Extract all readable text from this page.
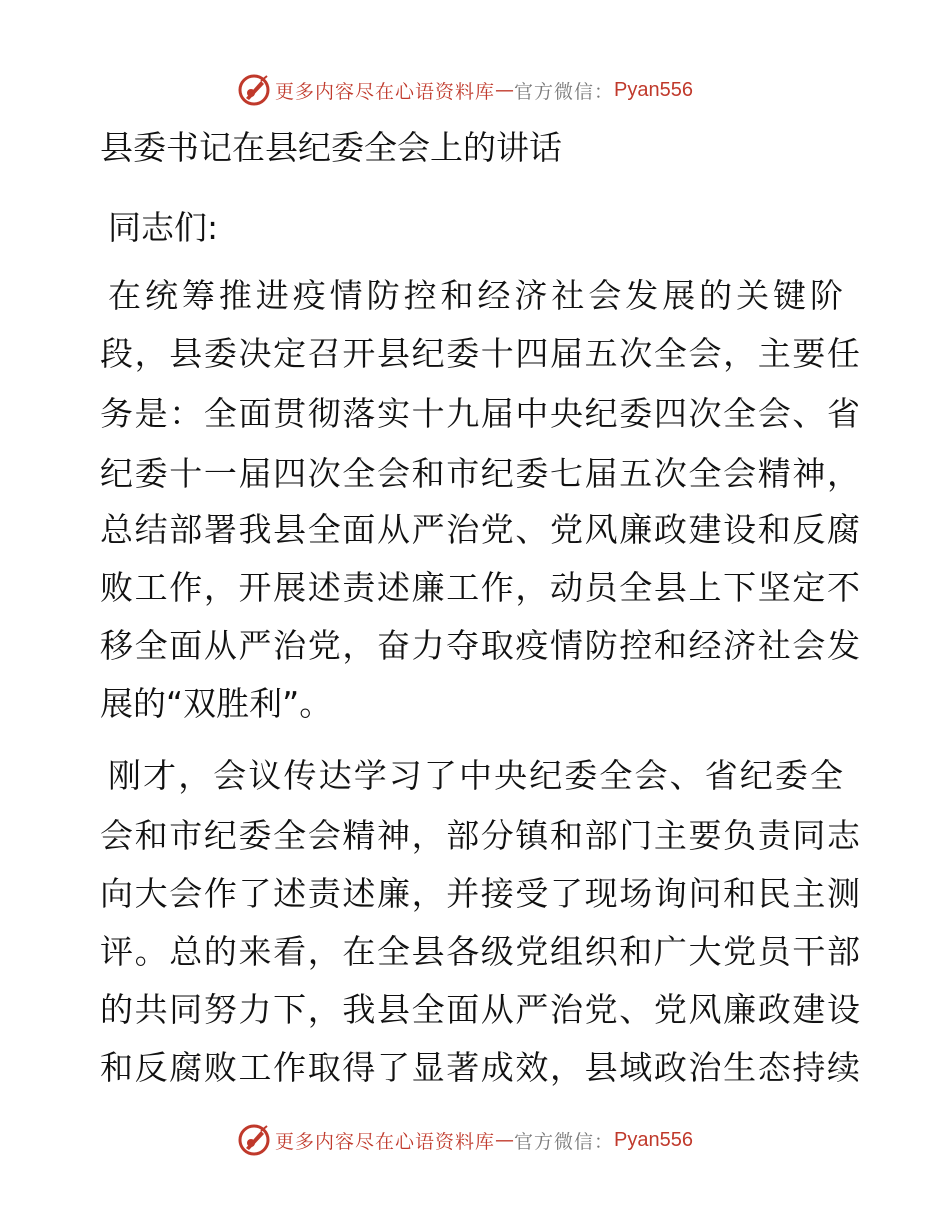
更多内容尽在心语资料库 — 官方微信： Pyan556
县委书记在县纪委全会上的讲话
同志们:
在统筹推进疫情防控和经济社会发展的关键阶
段，县委决定召开县纪委十四届五次全会，主要任
务是：全面贯彻落实十九届中央纪委四次全会、省
纪委十一届四次全会和市纪委七届五次全会精神，
总结部署我县全面从严治党、党风廉政建设和反腐
败工作，开展述责述廉工作，动员全县上下坚定不
移全面从严治党，奋力夺取疫情防控和经济社会发
展的“双胜利”。
刚才，会议传达学习了中央纪委全会、省纪委全
会和市纪委全会精神，部分镇和部门主要负责同志
向大会作了述责述廉，并接受了现场询问和民主测
评。总的来看，在全县各级党组织和广大党员干部
的共同努力下，我县全面从严治党、党风廉政建设
和反腐败工作取得了显著成效，县域政治生态持续
更多内容尽在心语资料库 — 官方微信： Pyan556
